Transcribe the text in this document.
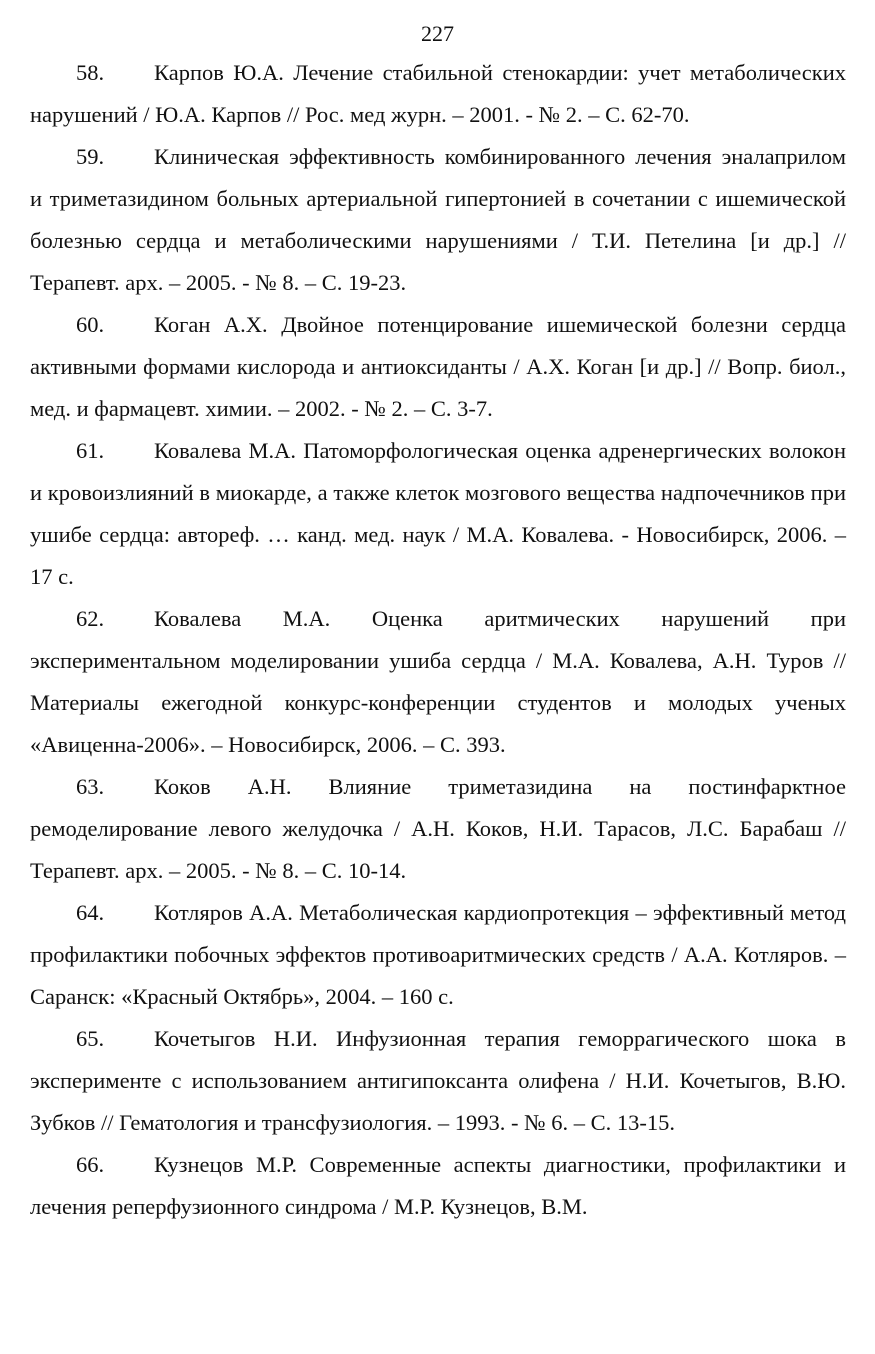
227

58. Карпов Ю.А. Лечение стабильной стенокардии: учет метаболических нарушений / Ю.А. Карпов // Рос. мед журн. – 2001. - № 2. – С. 62-70.

59. Клиническая эффективность комбинированного лечения эналаприлом и триметазидином больных артериальной гипертонией в сочетании с ишемической болезнью сердца и метаболическими нарушениями / Т.И. Петелина [и др.] // Терапевт. арх. – 2005. - № 8. – С. 19-23.

60. Коган А.Х. Двойное потенцирование ишемической болезни сердца активными формами кислорода и антиоксиданты / А.Х. Коган [и др.] // Вопр. биол., мед. и фармацевт. химии. – 2002. - № 2. – С. 3-7.

61. Ковалева М.А. Патоморфологическая оценка адренергических волокон и кровоизлияний в миокарде, а также клеток мозгового вещества надпочечников при ушибе сердца: автореф. … канд. мед. наук / М.А. Ковалева. - Новосибирск, 2006. – 17 с.

62. Ковалева М.А. Оценка аритмических нарушений при экспериментальном моделировании ушиба сердца / М.А. Ковалева, А.Н. Туров // Материалы ежегодной конкурс-конференции студентов и молодых ученых «Авиценна-2006». – Новосибирск, 2006. – С. 393.

63. Коков А.Н. Влияние триметазидина на постинфарктное ремоделирование левого желудочка / А.Н. Коков, Н.И. Тарасов, Л.С. Барабаш // Терапевт. арх. – 2005. - № 8. – С. 10-14.

64. Котляров А.А. Метаболическая кардиопротекция – эффективный метод профилактики побочных эффектов противоаритмических средств / А.А. Котляров. – Саранск: «Красный Октябрь», 2004. – 160 с.

65. Кочетыгов Н.И. Инфузионная терапия геморрагического шока в эксперименте с использованием антигипоксанта олифена / Н.И. Кочетыгов, В.Ю. Зубков // Гематология и трансфузиология. – 1993. - № 6. – С. 13-15.

66. Кузнецов М.Р. Современные аспекты диагностики, профилактики и лечения реперфузионного синдрома / М.Р. Кузнецов, В.М.
